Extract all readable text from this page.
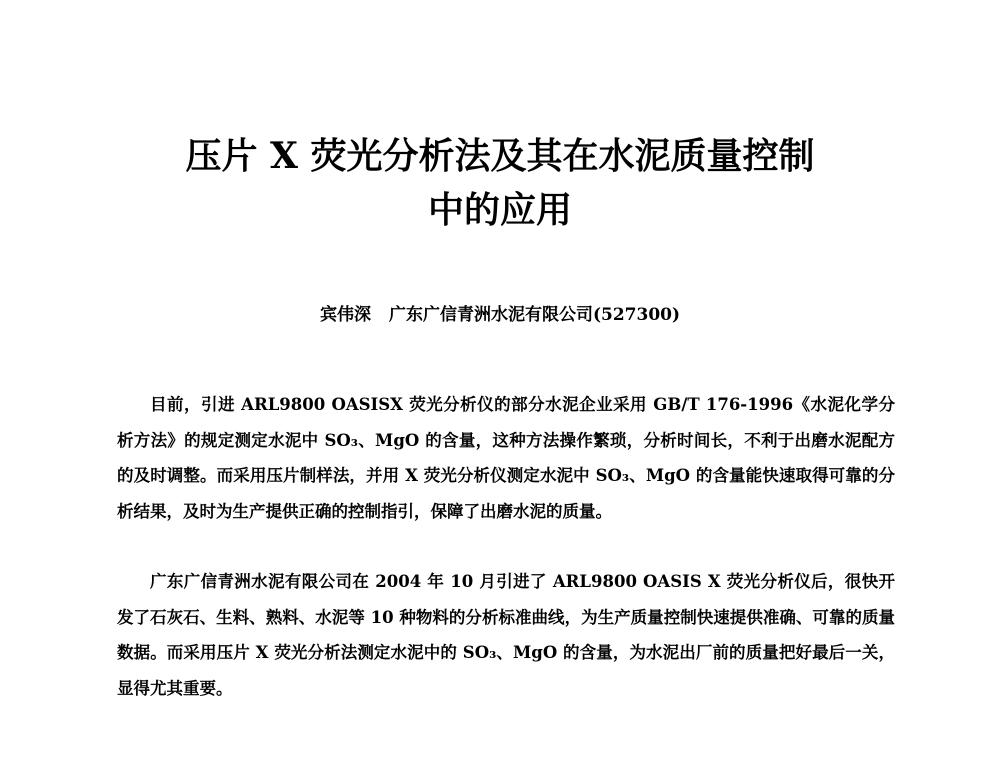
压片 X 荧光分析法及其在水泥质量控制
中的应用
宾伟深 广东广信青洲水泥有限公司(527300)

目前，引进 ARL9800 OASISX 荧光分析仪的部分水泥企业采用 GB/T 176-1996《水泥化学分析方法》的规定测定水泥中 SO₃、MgO 的含量，这种方法操作繁琐，分析时间长，不利于出磨水泥配方的及时调整。而采用压片制样法，并用 X 荧光分析仪测定水泥中 SO₃、MgO 的含量能快速取得可靠的分析结果，及时为生产提供正确的控制指引，保障了出磨水泥的质量。

广东广信青洲水泥有限公司在 2004 年 10 月引进了 ARL9800 OASIS X 荧光分析仪后，很快开发了石灰石、生料、熟料、水泥等 10 种物料的分析标准曲线，为生产质量控制快速提供准确、可靠的质量数据。而采用压片 X 荧光分析法测定水泥中的 SO₃、MgO 的含量，为水泥出厂前的质量把好最后一关，显得尤其重要。
